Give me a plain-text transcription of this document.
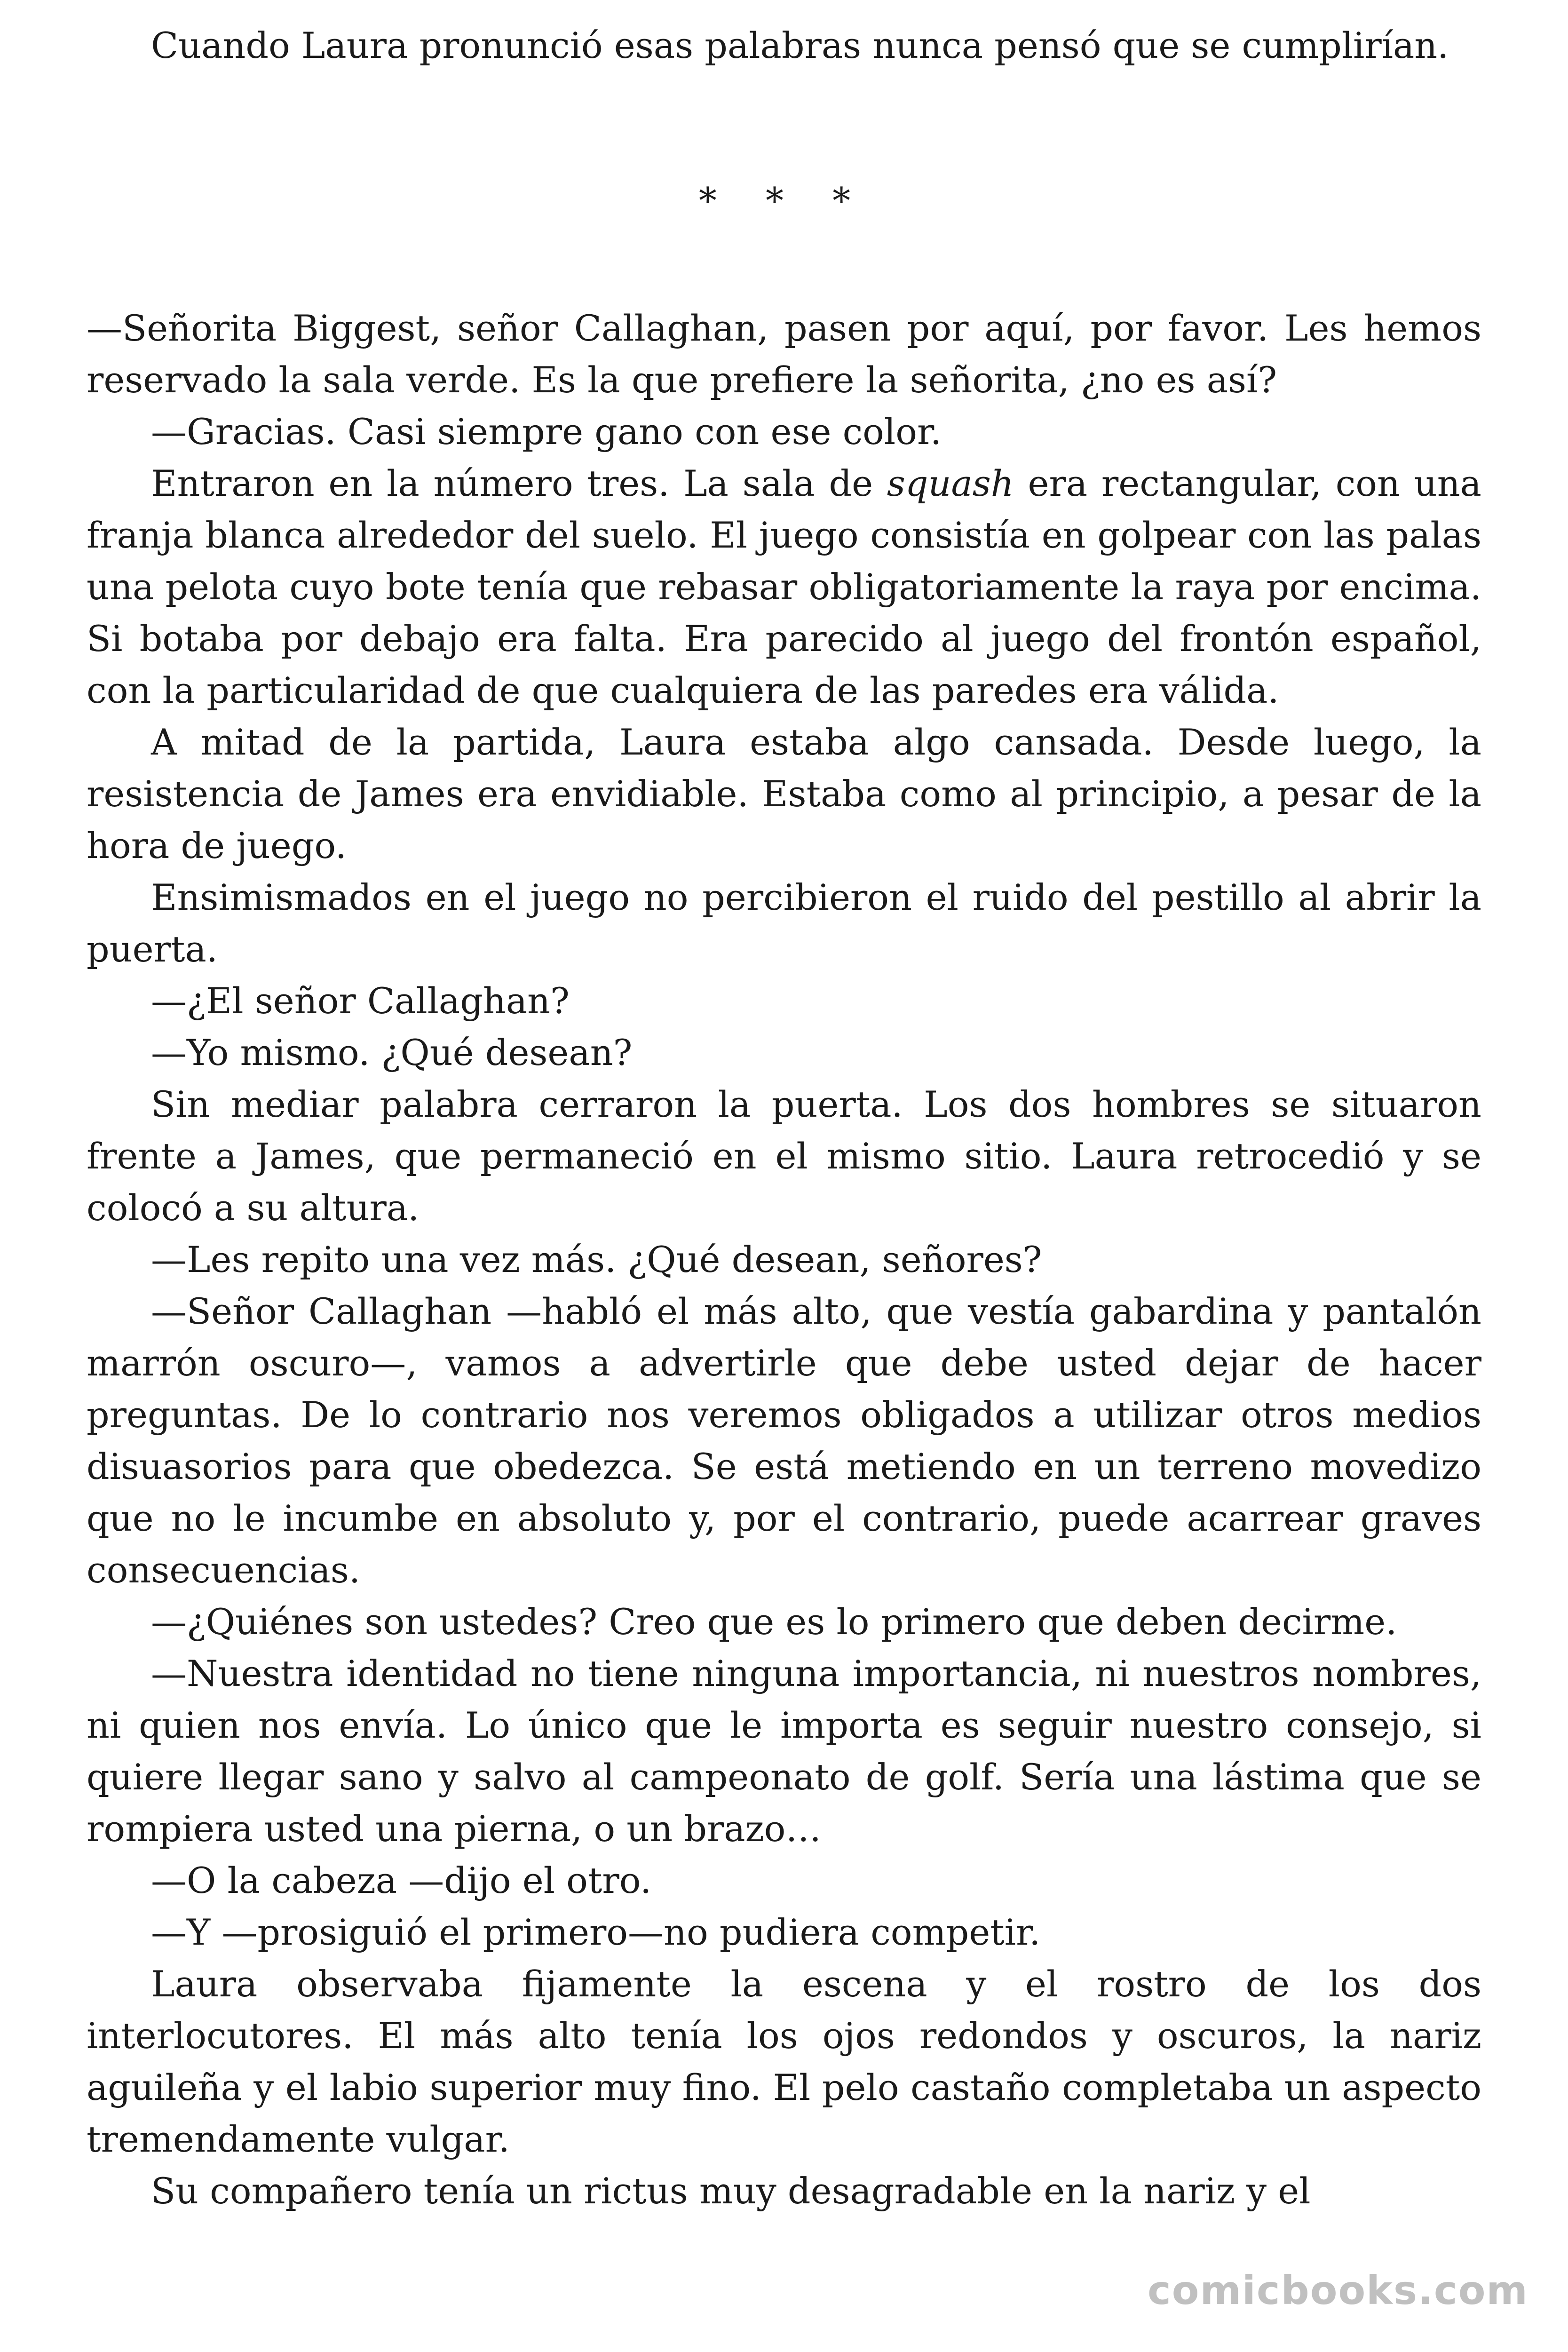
Cuando Laura pronunció esas palabras nunca pensó que se cumplirían.

* * *

—Señorita Biggest, señor Callaghan, pasen por aquí, por favor. Les hemos reservado la sala verde. Es la que prefiere la señorita, ¿no es así?

—Gracias. Casi siempre gano con ese color.

Entraron en la número tres. La sala de squash era rectangular, con una franja blanca alrededor del suelo. El juego consistía en golpear con las palas una pelota cuyo bote tenía que rebasar obligatoriamente la raya por encima. Si botaba por debajo era falta. Era parecido al juego del frontón español, con la particularidad de que cualquiera de las paredes era válida.

A mitad de la partida, Laura estaba algo cansada. Desde luego, la resistencia de James era envidiable. Estaba como al principio, a pesar de la hora de juego.

Ensimismados en el juego no percibieron el ruido del pestillo al abrir la puerta.

—¿El señor Callaghan?

—Yo mismo. ¿Qué desean?

Sin mediar palabra cerraron la puerta. Los dos hombres se situaron frente a James, que permaneció en el mismo sitio. Laura retrocedió y se colocó a su altura.

—Les repito una vez más. ¿Qué desean, señores?

—Señor Callaghan —habló el más alto, que vestía gabardina y pantalón marrón oscuro—, vamos a advertirle que debe usted dejar de hacer preguntas. De lo contrario nos veremos obligados a utilizar otros medios disuasorios para que obedezca. Se está metiendo en un terreno movedizo que no le incumbe en absoluto y, por el contrario, puede acarrear graves consecuencias.

—¿Quiénes son ustedes? Creo que es lo primero que deben decirme.

—Nuestra identidad no tiene ninguna importancia, ni nuestros nombres, ni quien nos envía. Lo único que le importa es seguir nuestro consejo, si quiere llegar sano y salvo al campeonato de golf. Sería una lástima que se rompiera usted una pierna, o un brazo…

—O la cabeza —dijo el otro.

—Y —prosiguió el primero—no pudiera competir.

Laura observaba fijamente la escena y el rostro de los dos interlocutores. El más alto tenía los ojos redondos y oscuros, la nariz aguileña y el labio superior muy fino. El pelo castaño completaba un aspecto tremendamente vulgar.

Su compañero tenía un rictus muy desagradable en la nariz y el

comicbooks.com
